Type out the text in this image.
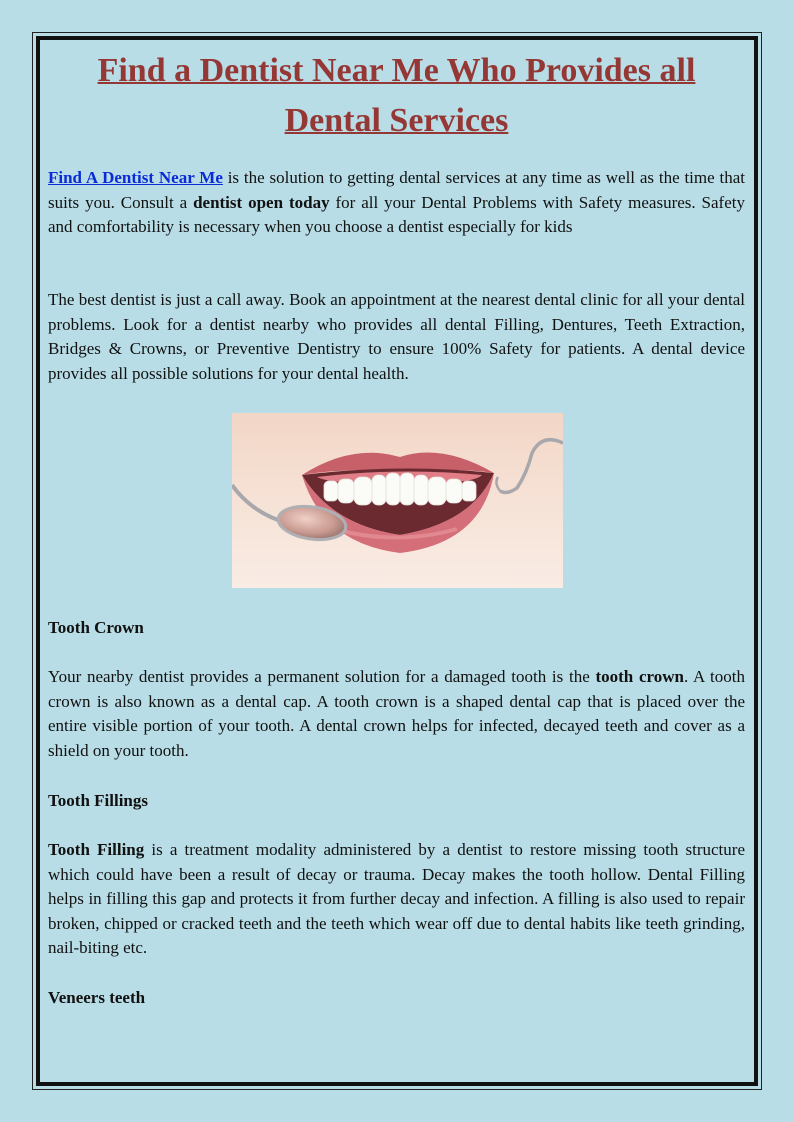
Find a Dentist Near Me Who Provides all Dental Services

Find A Dentist Near Me is the solution to getting dental services at any time as well as the time that suits you. Consult a dentist open today for all your Dental Problems with Safety measures. Safety and comfortability is necessary when you choose a dentist especially for kids

The best dentist is just a call away. Book an appointment at the nearest dental clinic for all your dental problems. Look for a dentist nearby who provides all dental Filling, Dentures, Teeth Extraction, Bridges & Crowns, or Preventive Dentistry to ensure 100% Safety for patients. A dental device provides all possible solutions for your dental health.

Tooth Crown

Your nearby dentist provides a permanent solution for a damaged tooth is the tooth crown. A tooth crown is also known as a dental cap. A tooth crown is a shaped dental cap that is placed over the entire visible portion of your tooth. A dental crown helps for infected, decayed teeth and cover as a shield on your tooth.

Tooth Fillings

Tooth Filling is a treatment modality administered by a dentist to restore missing tooth structure which could have been a result of decay or trauma. Decay makes the tooth hollow. Dental Filling helps in filling this gap and protects it from further decay and infection. A filling is also used to repair broken, chipped or cracked teeth and the teeth which wear off due to dental habits like teeth grinding, nail-biting etc.

Veneers teeth
